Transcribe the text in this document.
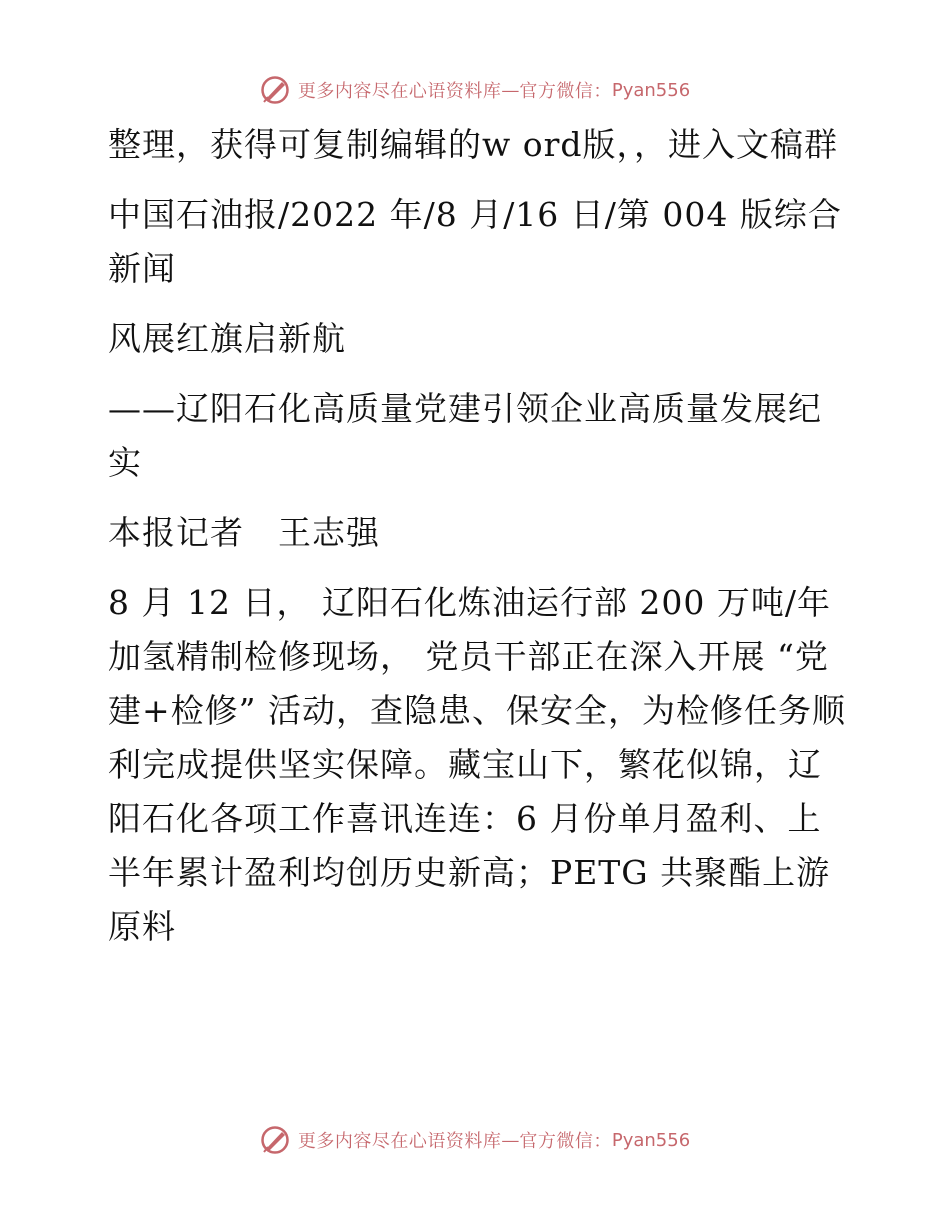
更多内容尽在心语资料库 — 官方微信： Pyan556

整理，获得可复制编辑的w ord版，，进入文稿群

中国石油报/2022 年/8 月/16 日/第 004 版综合新闻

风展红旗启新航

——辽阳石化高质量党建引领企业高质量发展纪实

本报记者　王志强

8 月 12 日， 辽阳石化炼油运行部 200 万吨/年加氢精制检修现场， 党员干部正在深入开展 “党建+检修” 活动，查隐患、保安全，为检修任务顺利完成提供坚实保障。藏宝山下，繁花似锦，辽阳石化各项工作喜讯连连：6 月份单月盈利、上半年累计盈利均创历史新高；PETG 共聚酯上游原料

更多内容尽在心语资料库 — 官方微信： Pyan556
